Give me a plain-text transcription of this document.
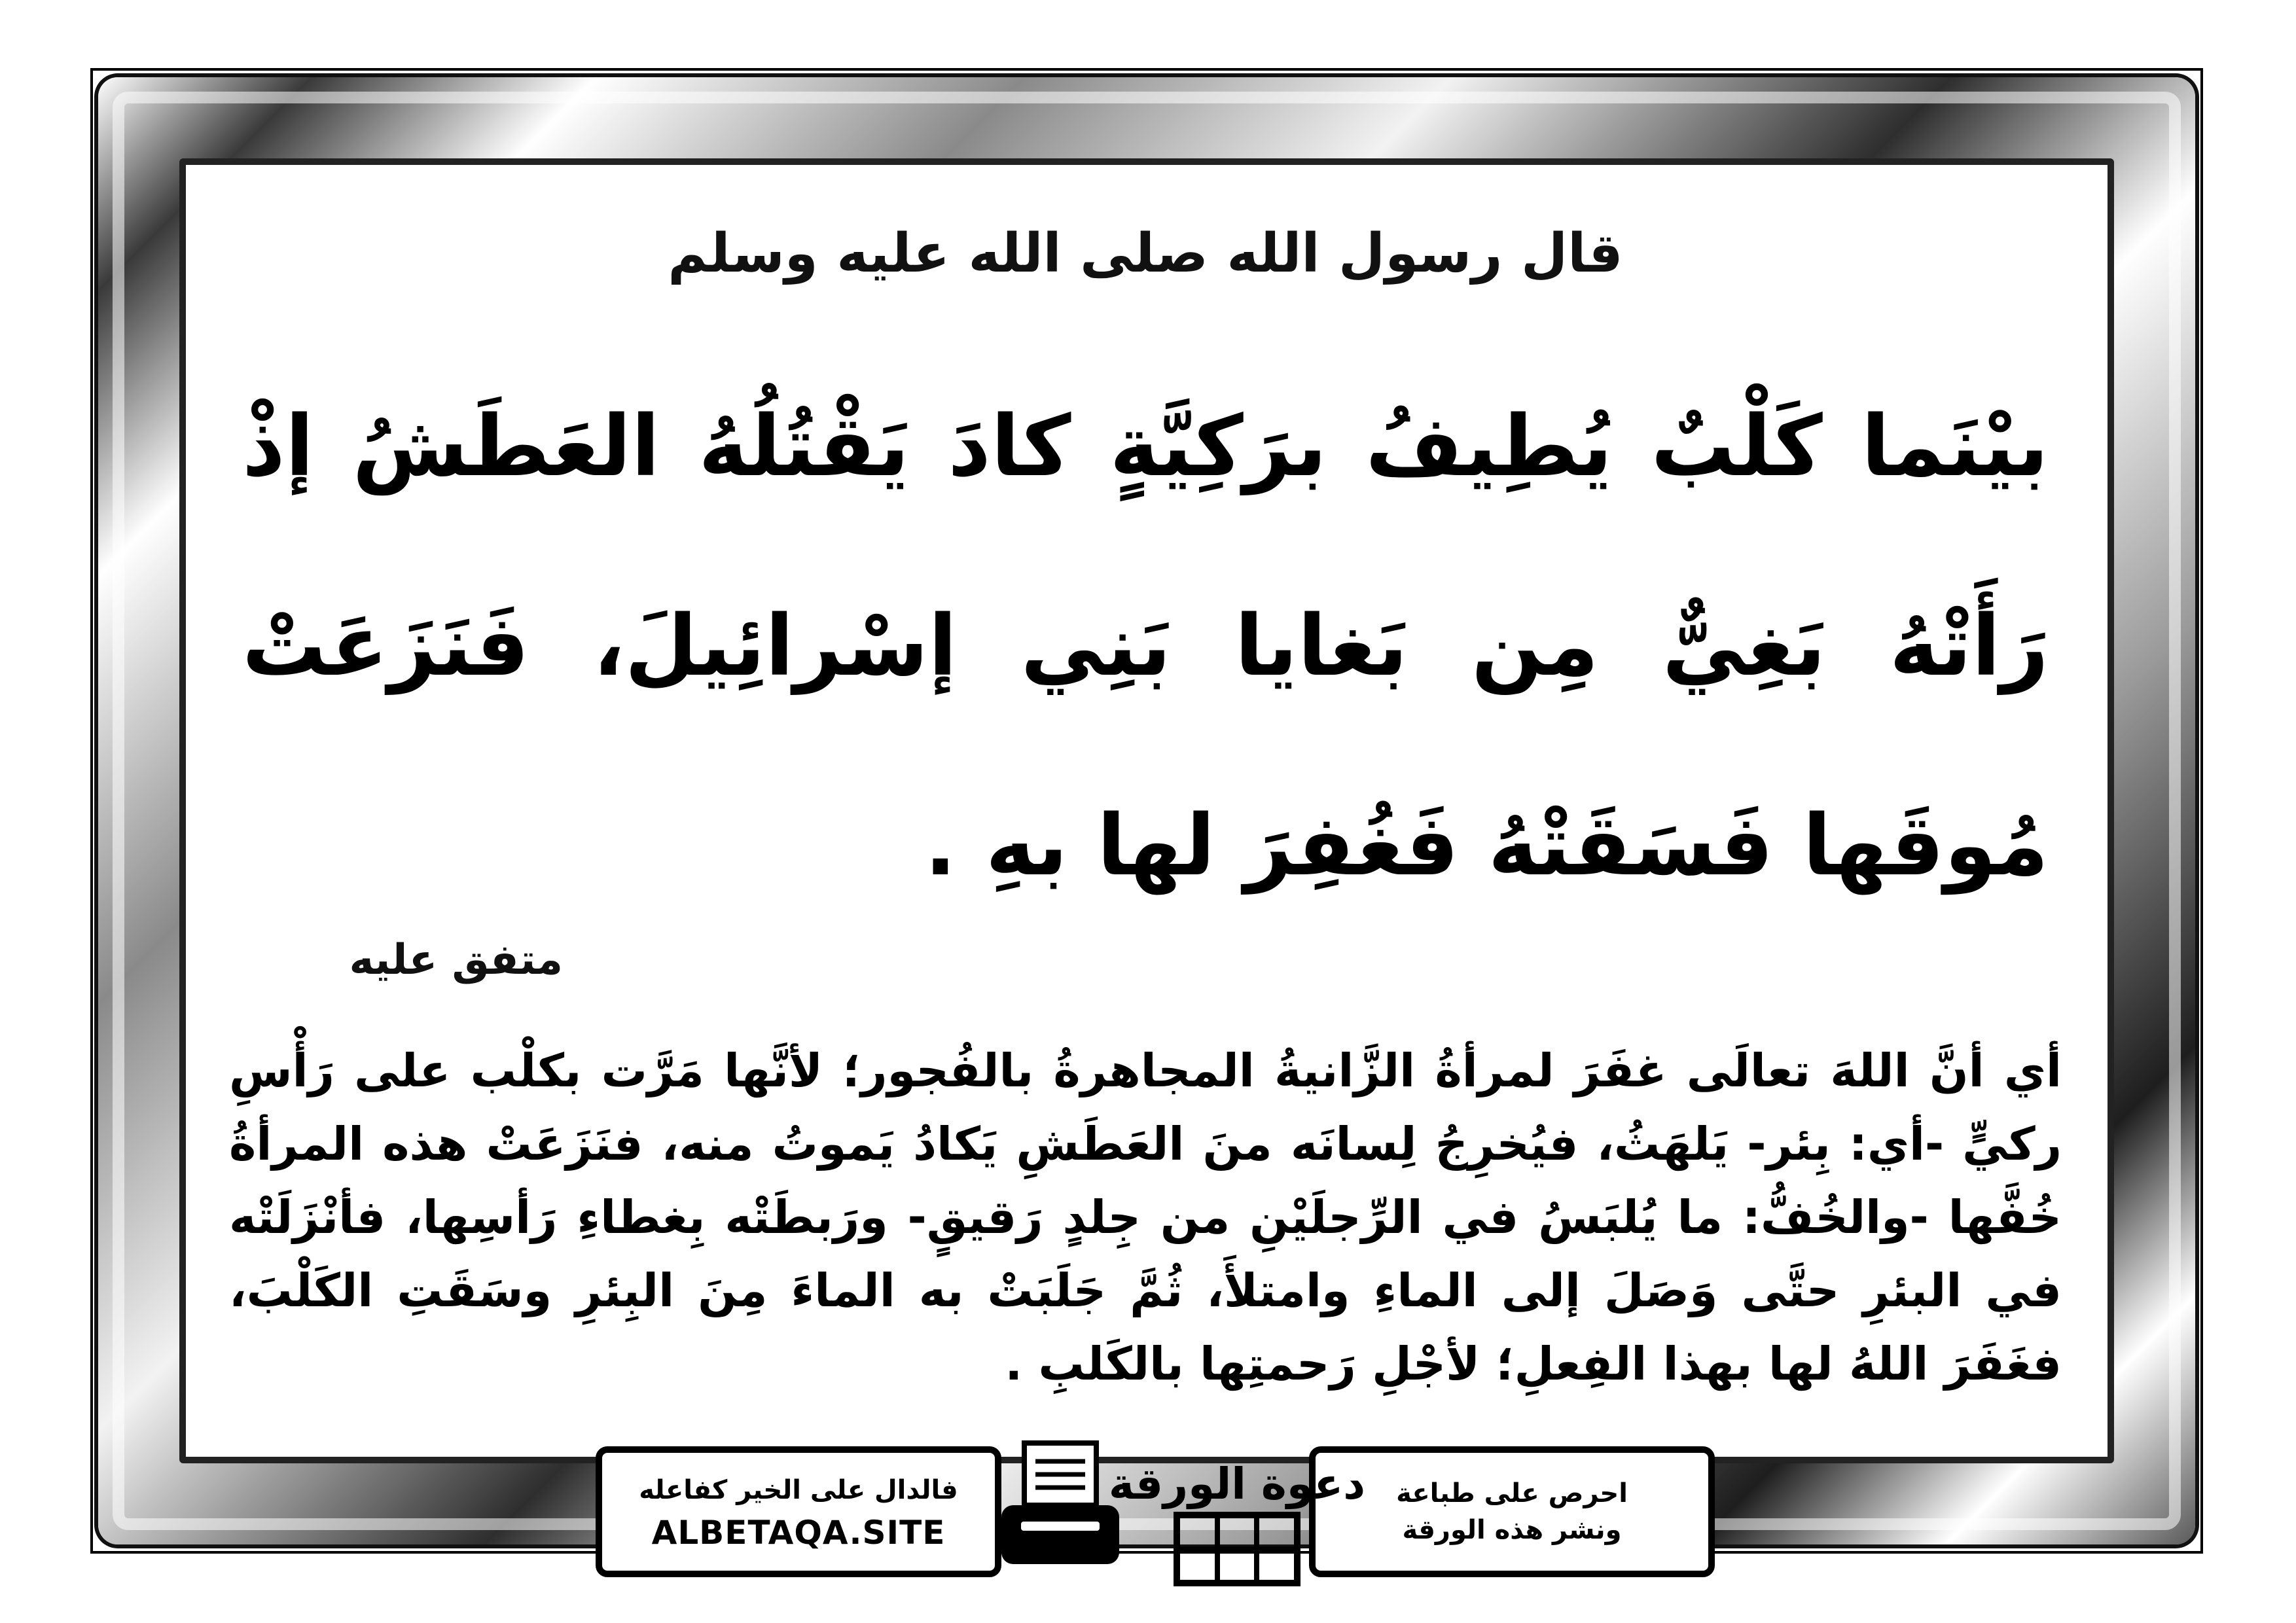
قال رسول الله صلى الله عليه وسلم
بيْنَما كَلْبٌ يُطِيفُ برَكِيَّةٍ كادَ يَقْتُلُهُ العَطَشُ إذْ رَأَتْهُ بَغِيٌّ مِن بَغايا بَنِي إسْرائِيلَ، فَنَزَعَتْ مُوقَها فَسَقَتْهُ فَغُفِرَ لها بهِ .
متفق عليه
أي أنَّ اللهَ تعالَى غفَرَ لمرأةُ الزَّانيةُ المجاهرةُ بالفُجور؛ لأنَّها مَرَّت بكلْب على رَأْسِ ركيٍّ -أي: بِئر- يَلهَثُ، فيُخرِجُ لِسانَه منَ العَطَشِ يَكادُ يَموتُ منه، فنَزَعَتْ هذه المرأةُ خُفَّها -والخُفُّ: ما يُلبَسُ في الرِّجلَيْنِ من جِلدٍ رَقيقٍ- ورَبطَتْه بِغطاءِ رَأسِها، فأنْزَلَتْه في البئرِ حتَّى وَصَلَ إلى الماءِ وامتلأَ، ثُمَّ جَلَبَتْ به الماءَ مِنَ البِئرِ وسَقَتِ الكَلْبَ، فغَفَرَ اللهُ لها بهذا الفِعلِ؛ لأجْلِ رَحمتِها بالكَلبِ .
فالدال على الخير كفاعله
ALBETAQA.SITE
احرص على طباعة
ونشر هذه الورقة
دعوة الورقة
